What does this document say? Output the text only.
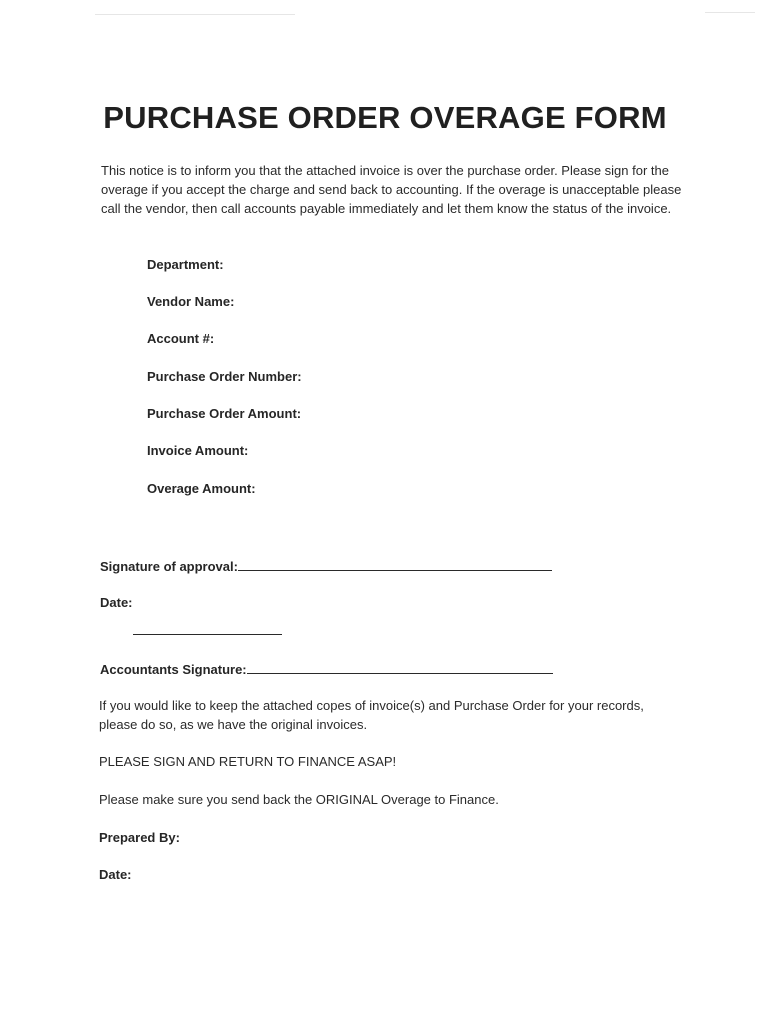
PURCHASE ORDER OVERAGE FORM
This notice is to inform you that the attached invoice is over the purchase order. Please sign for the overage if you accept the charge and send back to accounting. If the overage is unacceptable please call the vendor, then call accounts payable immediately and let them know the status of the invoice.
Department:
Vendor Name:
Account #:
Purchase Order Number:
Purchase Order Amount:
Invoice Amount:
Overage Amount:
Signature of approval:
Date:
Accountants Signature:
If you would like to keep the attached copes of invoice(s) and Purchase Order for your records, please do so, as we have the original invoices.
PLEASE SIGN AND RETURN TO FINANCE ASAP!
Please make sure you send back the ORIGINAL Overage to Finance.
Prepared By:
Date:
